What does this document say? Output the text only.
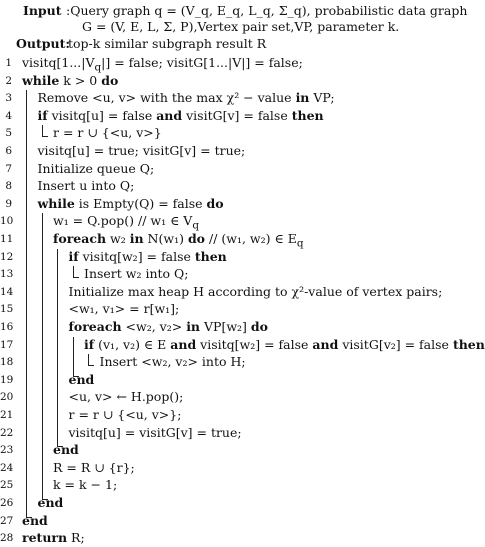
Input :Query graph q = (V_q, E_q, L_q, Σ_q), probabilistic data graph
G = (V, E, L, Σ, P),Vertex pair set,VP, parameter k.
Output:
top-k similar subgraph result R
1 $visitq[1...|V_q|]$ = false; visitG[1...|V|] = false;
2 while k > 0 do
3 Remove <u, v> with the max χ² − value in VP;
4 if visitq[u] = false and visitG[v] = false then
5	r = r ∪ {<u, v>}
6 visitq[u] = true; visitG[v] = true;
7 Initialize queue Q;
8 Insert u into Q;
9 while is Empty(Q) = false do
10	w₁ = Q.pop() // w₁ ∈ $V_q$
11	foreach w₂ in N(w₁) do // (w₁, w₂) ∈ $E_q$
12	if visitq[w₂] = false then
13	Insert w₂ into Q;
14	Initialize max heap H according to χ²-value of vertex pairs;
15	<w₁, v₁> = r[w₁];
16	foreach <w₂, v₂> in VP[w₂] do
17	if (v₁, v₂) ∈ E and visitq[w₂] = false and visitG[v₂] = false then
18	Insert <w₂, v₂> into H;
19	end
20	<u, v> ← H.pop();
21	r = r ∪ {<u, v>};
22	visitq[u] = visitG[v] = true;
23	end
24	R = R ∪ {r};
25	k = k − 1;
26 end
27 end
28 return R;
